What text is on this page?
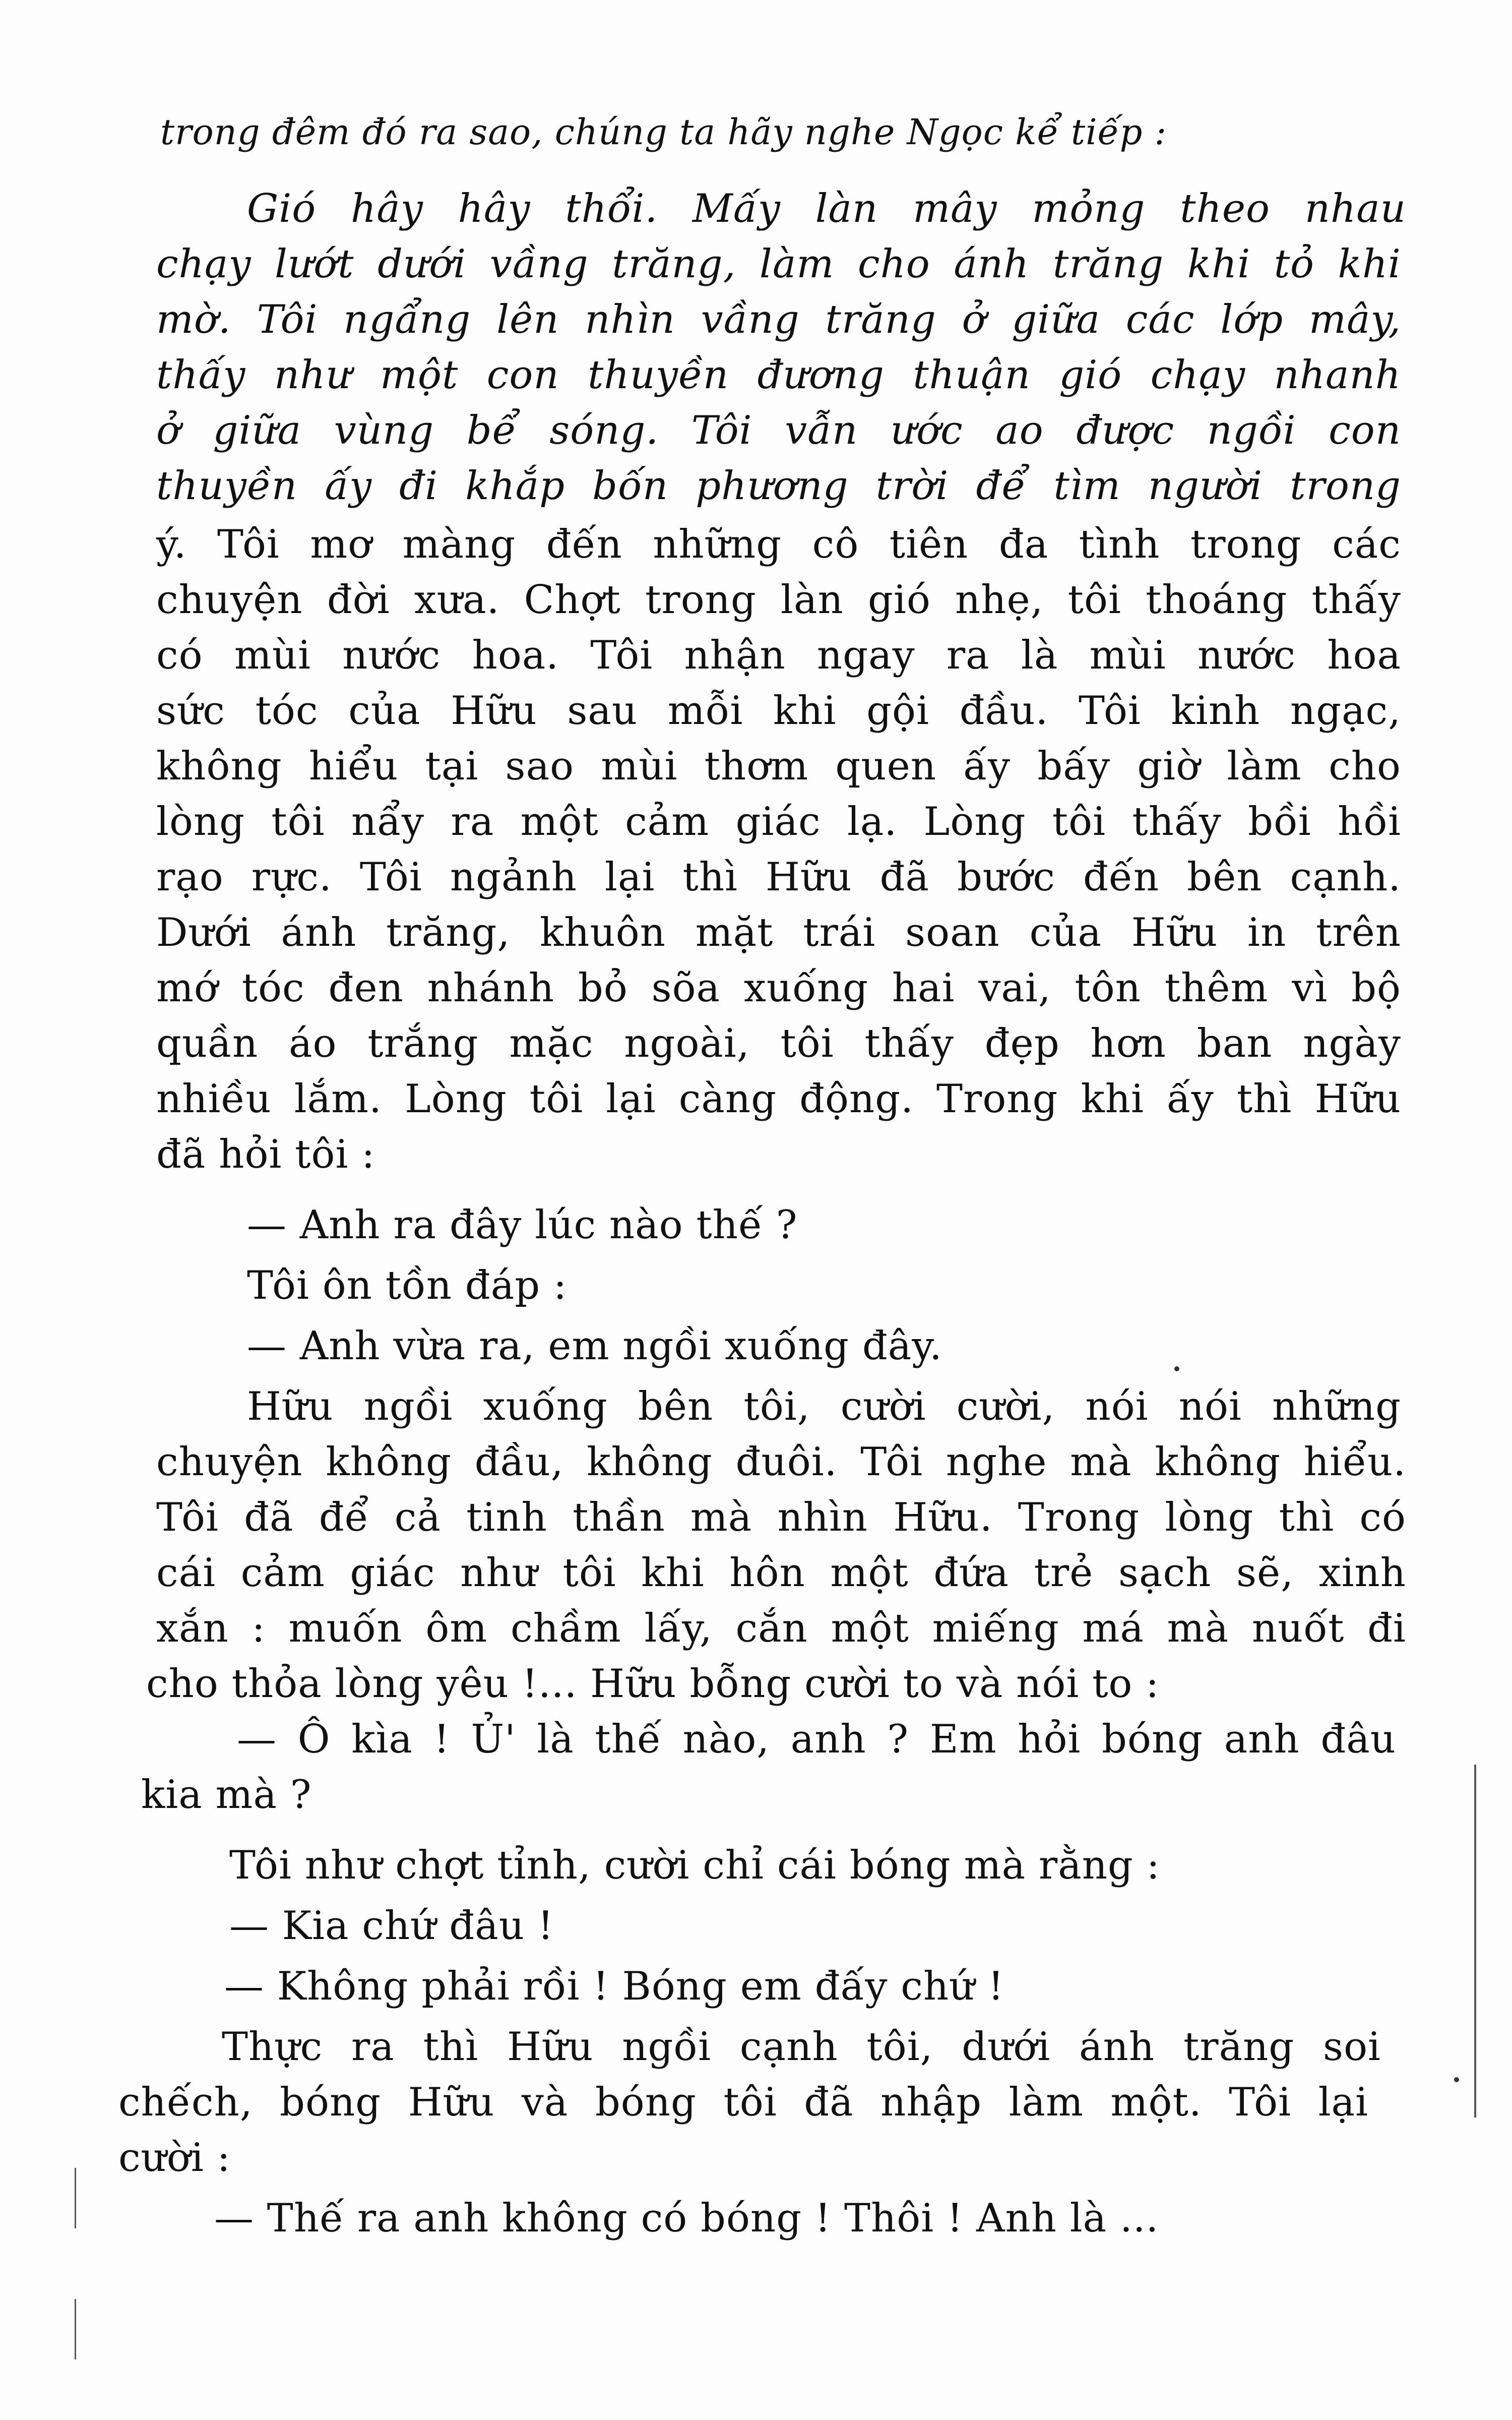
trong đêm đó ra sao, chúng ta hãy nghe Ngọc kể tiếp :
Gió hây hây thổi. Mấy làn mây mỏng theo nhau
chạy lướt dưới vầng trăng, làm cho ánh trăng khi tỏ khi
mờ. Tôi ngẩng lên nhìn vầng trăng ở giữa các lớp mây,
thấy như một con thuyền đương thuận gió chạy nhanh
ở giữa vùng bể sóng. Tôi vẫn ước ao được ngồi con
thuyền ấy đi khắp bốn phương trời để tìm người trong
ý. Tôi mơ màng đến những cô tiên đa tình trong các
chuyện đời xưa. Chợt trong làn gió nhẹ, tôi thoáng thấy
có mùi nước hoa. Tôi nhận ngay ra là mùi nước hoa
sức tóc của Hữu sau mỗi khi gội đầu. Tôi kinh ngạc,
không hiểu tại sao mùi thơm quen ấy bấy giờ làm cho
lòng tôi nẩy ra một cảm giác lạ. Lòng tôi thấy bồi hồi
rạo rực. Tôi ngảnh lại thì Hữu đã bước đến bên cạnh.
Dưới ánh trăng, khuôn mặt trái soan của Hữu in trên
mớ tóc đen nhánh bỏ sõa xuống hai vai, tôn thêm vì bộ
quần áo trắng mặc ngoài, tôi thấy đẹp hơn ban ngày
nhiều lắm. Lòng tôi lại càng động. Trong khi ấy thì Hữu
đã hỏi tôi :
— Anh ra đây lúc nào thế ?
Tôi ôn tồn đáp :
— Anh vừa ra, em ngồi xuống đây.
Hữu ngồi xuống bên tôi, cười cười, nói nói những
chuyện không đầu, không đuôi. Tôi nghe mà không hiểu.
Tôi đã để cả tinh thần mà nhìn Hữu. Trong lòng thì có
cái cảm giác như tôi khi hôn một đứa trẻ sạch sẽ, xinh
xắn : muốn ôm chầm lấy, cắn một miếng má mà nuốt đi
cho thỏa lòng yêu !... Hữu bỗng cười to và nói to :
— Ô kìa ! Ủ' là thế nào, anh ? Em hỏi bóng anh đâu
kia mà ?
Tôi như chợt tỉnh, cười chỉ cái bóng mà rằng :
— Kia chứ đâu !
— Không phải rồi ! Bóng em đấy chứ !
Thực ra thì Hữu ngồi cạnh tôi, dưới ánh trăng soi
chếch, bóng Hữu và bóng tôi đã nhập làm một. Tôi lại
cười :
— Thế ra anh không có bóng ! Thôi ! Anh là ...
